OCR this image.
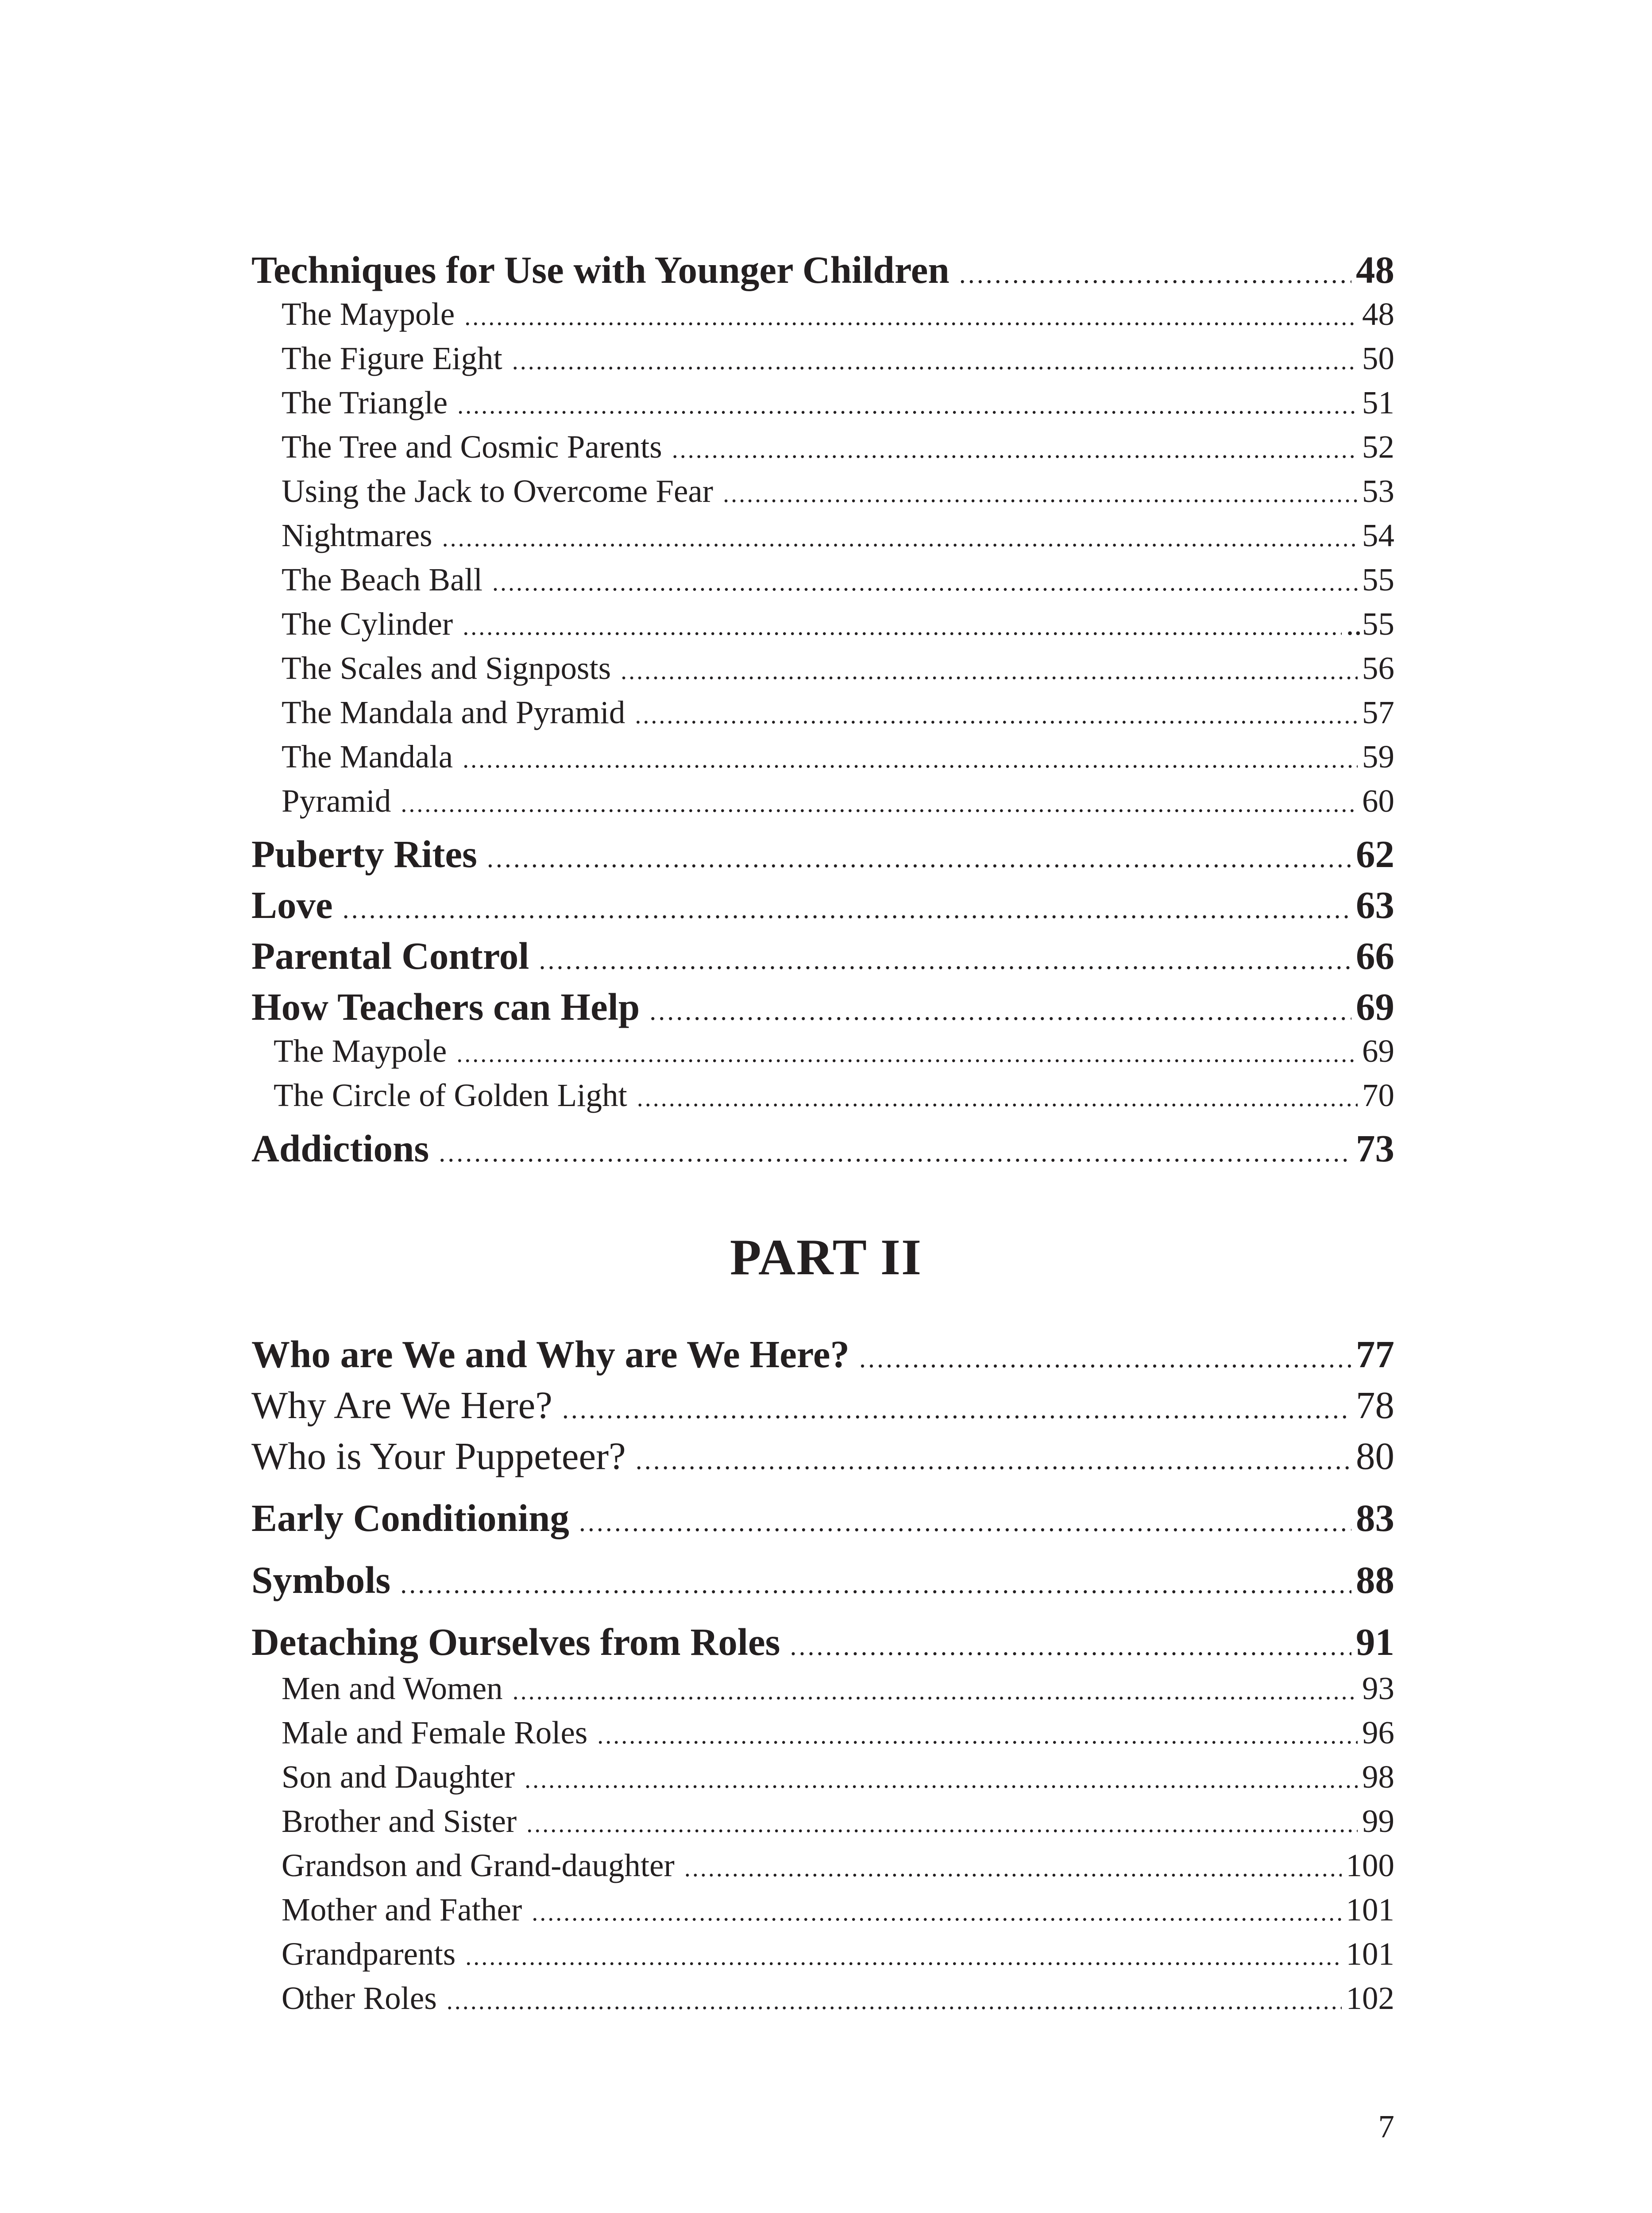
Techniques for Use with Younger Children . . .	48
The Maypole . . .	48
The Figure Eight . . .	50
The Triangle . . .	51
The Tree and Cosmic Parents . . .	52
Using the Jack to Overcome Fear . . .	53
Nightmares . . .	54
The Beach Ball . . .	55
The Cylinder . . .	..55
The Scales and Signposts . . .	56
The Mandala and Pyramid . . .	57
The Mandala . . .	59
Pyramid . . .	60
Puberty Rites . . .	62
Love . . .	63
Parental Control . . .	66
How Teachers can Help . . .	69
The Maypole . . .	69
The Circle of Golden Light . . .	70
Addictions . . .	73
Who are We and Why are We Here? . . .	77
Why Are We Here? . . .	78
Who is Your Puppeteer? . . .	80
Early Conditioning . . .	83
Symbols . . .	88
Detaching Ourselves from Roles . . .	91
Men and Women . . .	93
Male and Female Roles . . .	96
Son and Daughter . . .	98
Brother and Sister . . .	99
Grandson and Grand-daughter . . .	100
Mother and Father . . .	101
Grandparents . . .	101
Other Roles . . .	102
PART II
7
